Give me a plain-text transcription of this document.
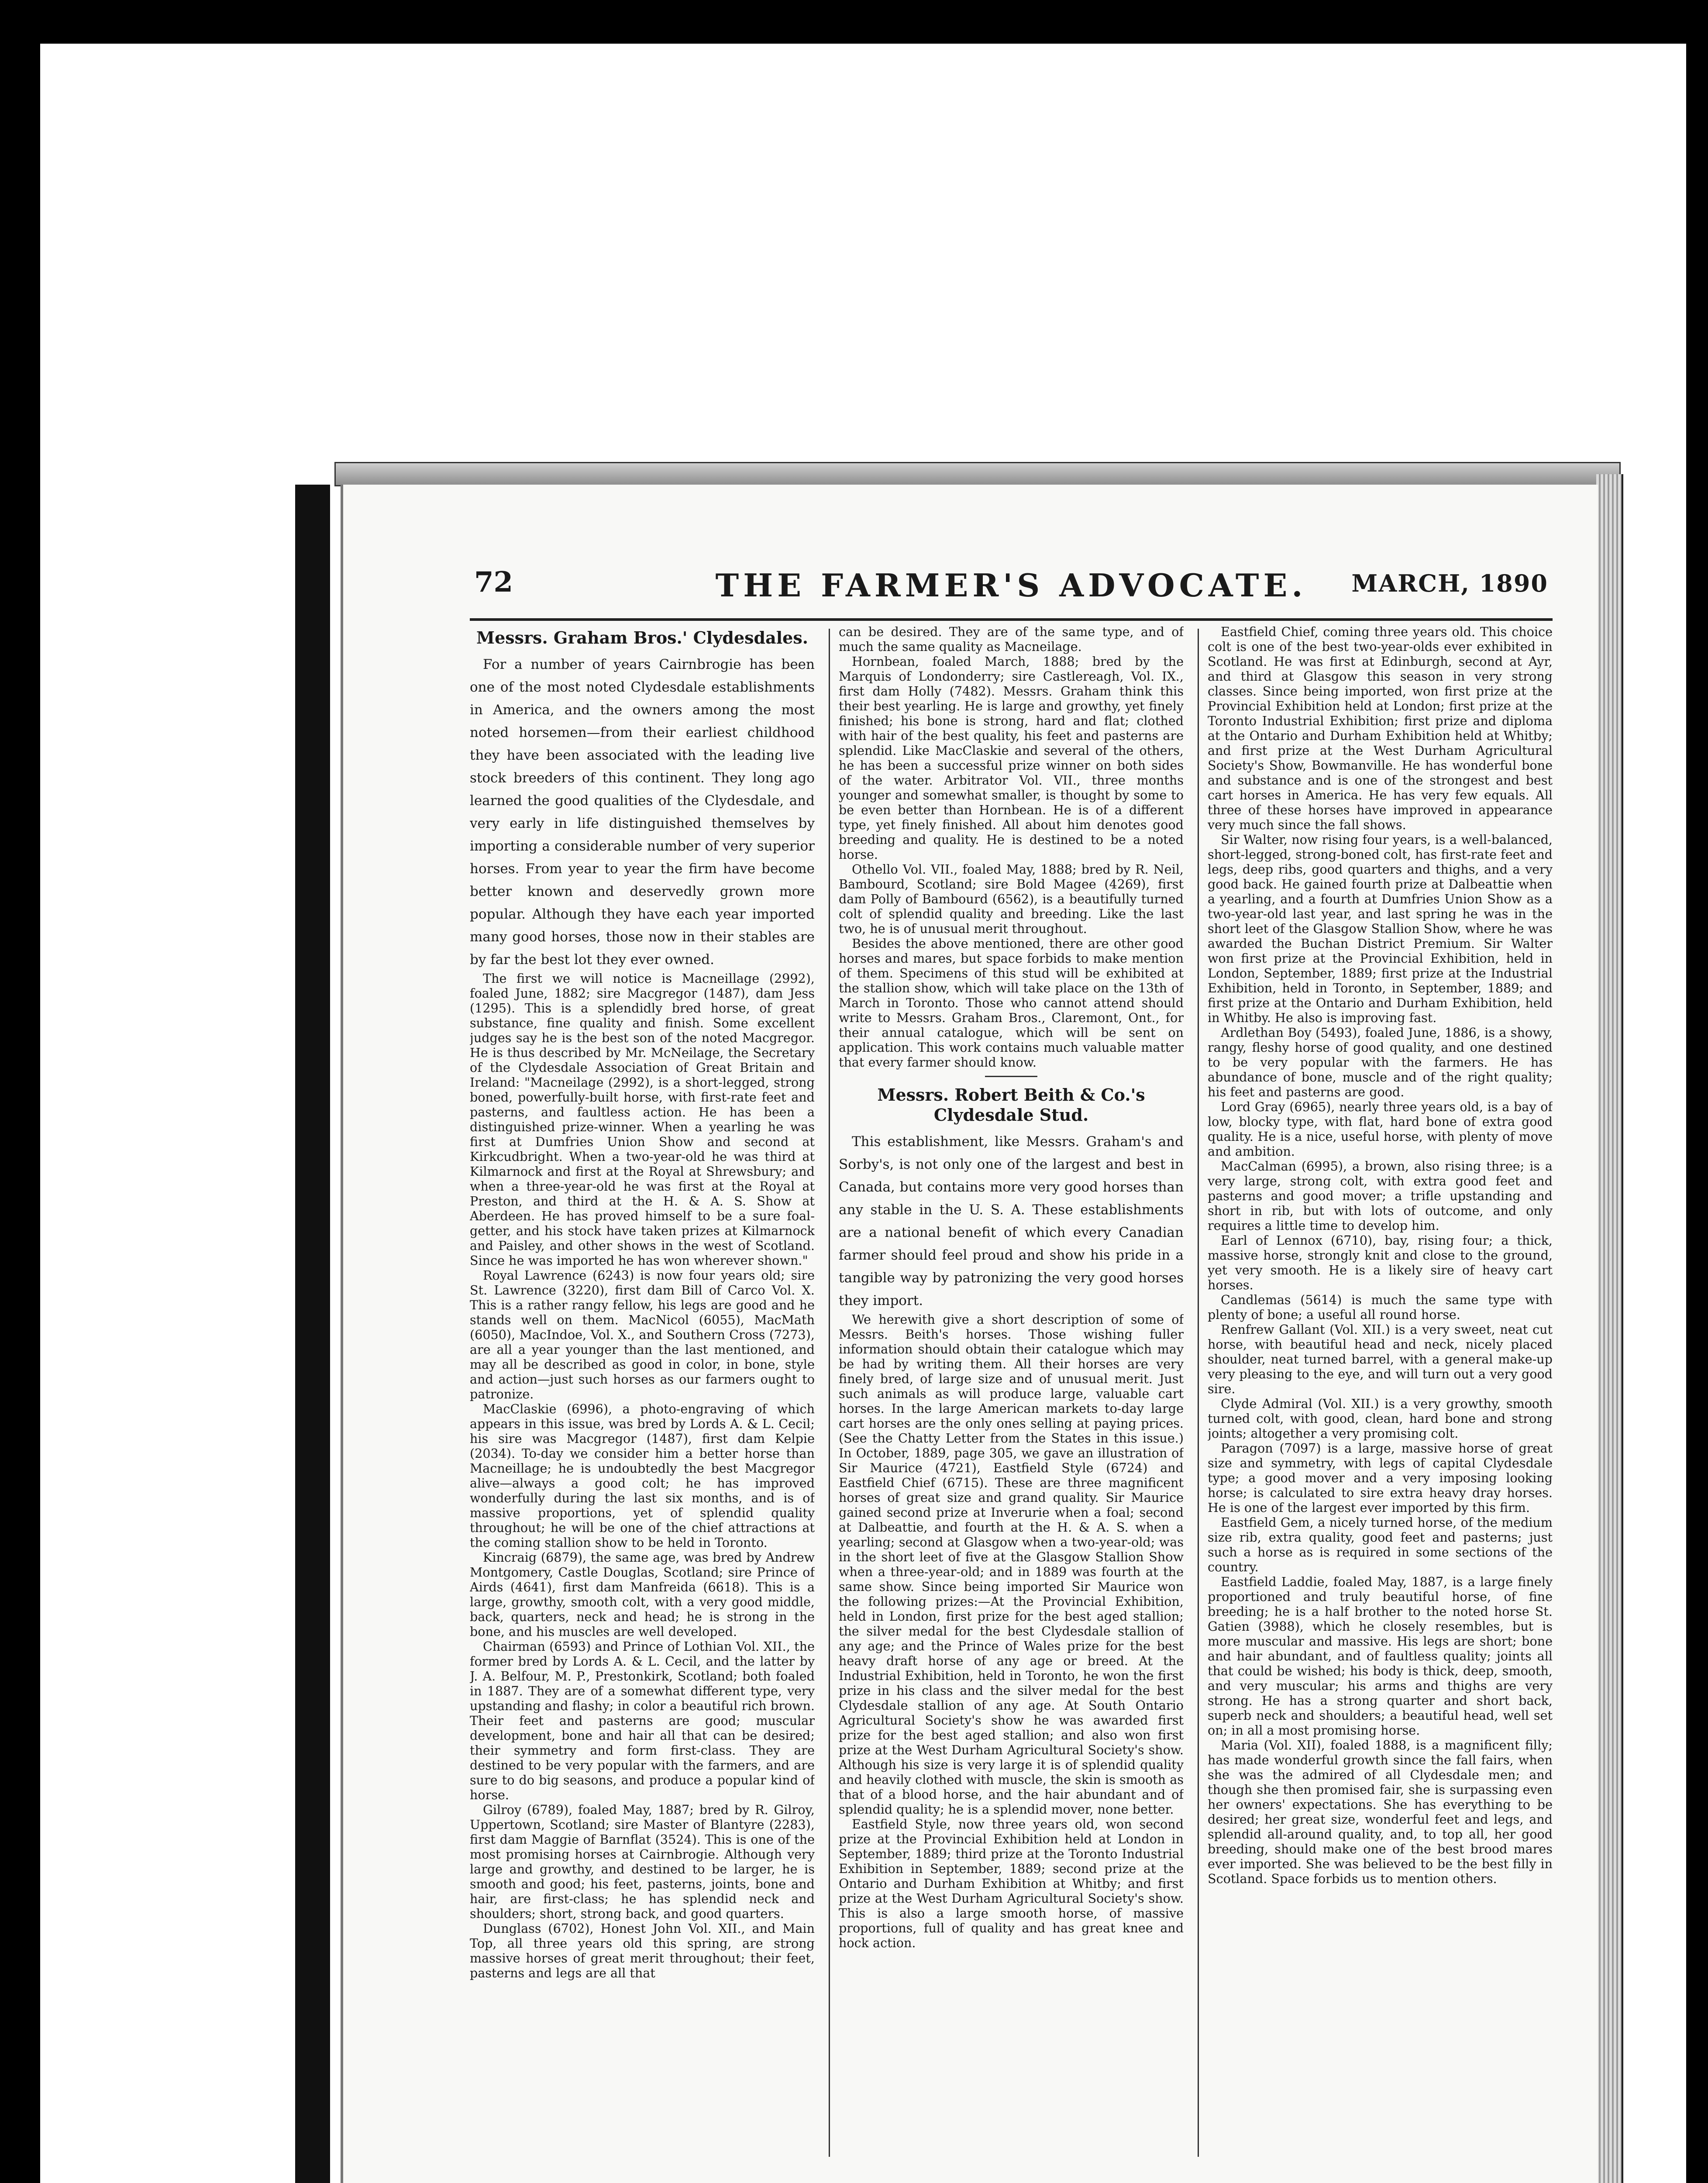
72	THE FARMER'S ADVOCATE.	MARCH, 1890
Messrs. Graham Bros.' Clydesdales.

For a number of years Cairnbrogie has been one of the most noted Clydesdale establishments in America, and the owners among the most noted horsemen—from their earliest childhood they have been associated with the leading live stock breeders of this continent. They long ago learned the good qualities of the Clydesdale, and very early in life distinguished themselves by importing a considerable number of very superior horses. From year to year the firm have become better known and deservedly grown more popular. Although they have each year imported many good horses, those now in their stables are by far the best lot they ever owned.

The first we will notice is Macneillage (2992), foaled June, 1882; sire Macgregor (1487), dam Jess (1295). This is a splendidly bred horse, of great substance, fine quality and finish. Some excellent judges say he is the best son of the noted Macgregor. He is thus described by Mr. McNeilage, the Secretary of the Clydesdale Association of Great Britain and Ireland: "Macneilage (2992), is a short-legged, strong boned, powerfully-built horse, with first-rate feet and pasterns, and faultless action. He has been a distinguished prize-winner. When a yearling he was first at Dumfries Union Show and second at Kirkcudbright. When a two-year-old he was third at Kilmarnock and first at the Royal at Shrewsbury; and when a three-year-old he was first at the Royal at Preston, and third at the H. & A. S. Show at Aberdeen. He has proved himself to be a sure foal-getter, and his stock have taken prizes at Kilmarnock and Paisley, and other shows in the west of Scotland. Since he was imported he has won wherever shown."

Royal Lawrence (6243) is now four years old; sire St. Lawrence (3220), first dam Bill of Carco Vol. X. This is a rather rangy fellow, his legs are good and he stands well on them. MacNicol (6055), MacMath (6050), MacIndoe, Vol. X., and Southern Cross (7273), are all a year younger than the last mentioned, and may all be described as good in color, in bone, style and action—just such horses as our farmers ought to patronize.

MacClaskie (6996), a photo-engraving of which appears in this issue, was bred by Lords A. & L. Cecil; his sire was Macgregor (1487), first dam Kelpie (2034). To-day we consider him a better horse than Macneillage; he is undoubtedly the best Macgregor alive—always a good colt; he has improved wonderfully during the last six months, and is of massive proportions, yet of splendid quality throughout; he will be one of the chief attractions at the coming stallion show to be held in Toronto.

Kincraig (6879), the same age, was bred by Andrew Montgomery, Castle Douglas, Scotland; sire Prince of Airds (4641), first dam Manfreida (6618). This is a large, growthy, smooth colt, with a very good middle, back, quarters, neck and head; he is strong in the bone, and his muscles are well developed.

Chairman (6593) and Prince of Lothian Vol. XII., the former bred by Lords A. & L. Cecil, and the latter by J. A. Belfour, M. P., Prestonkirk, Scotland; both foaled in 1887. They are of a somewhat different type, very upstanding and flashy; in color a beautiful rich brown. Their feet and pasterns are good; muscular development, bone and hair all that can be desired; their symmetry and form first-class. They are destined to be very popular with the farmers, and are sure to do big seasons, and produce a popular kind of horse.

Gilroy (6789), foaled May, 1887; bred by R. Gilroy, Uppertown, Scotland; sire Master of Blantyre (2283), first dam Maggie of Barnflat (3524). This is one of the most promising horses at Cairnbrogie. Although very large and growthy, and destined to be larger, he is smooth and good; his feet, pasterns, joints, bone and hair, are first-class; he has splendid neck and shoulders; short, strong back, and good quarters.

Dunglass (6702), Honest John Vol. XII., and Main Top, all three years old this spring, are strong massive horses of great merit throughout; their feet, pasterns and legs are all that

can be desired. They are of the same type, and of much the same quality as Macneilage.

Hornbean, foaled March, 1888; bred by the Marquis of Londonderry; sire Castlereagh, Vol. IX., first dam Holly (7482). Messrs. Graham think this their best yearling. He is large and growthy, yet finely finished; his bone is strong, hard and flat; clothed with hair of the best quality, his feet and pasterns are splendid. Like MacClaskie and several of the others, he has been a successful prize winner on both sides of the water. Arbitrator Vol. VII., three months younger and somewhat smaller, is thought by some to be even better than Hornbean. He is of a different type, yet finely finished. All about him denotes good breeding and quality. He is destined to be a noted horse.

Othello Vol. VII., foaled May, 1888; bred by R. Neil, Bambourd, Scotland; sire Bold Magee (4269), first dam Polly of Bambourd (6562), is a beautifully turned colt of splendid quality and breeding. Like the last two, he is of unusual merit throughout.

Besides the above mentioned, there are other good horses and mares, but space forbids to make mention of them. Specimens of this stud will be exhibited at the stallion show, which will take place on the 13th of March in Toronto. Those who cannot attend should write to Messrs. Graham Bros., Claremont, Ont., for their annual catalogue, which will be sent on application. This work contains much valuable matter that every farmer should know.

Messrs. Robert Beith & Co.'s Clydesdale Stud.

This establishment, like Messrs. Graham's and Sorby's, is not only one of the largest and best in Canada, but contains more very good horses than any stable in the U. S. A. These establishments are a national benefit of which every Canadian farmer should feel proud and show his pride in a tangible way by patronizing the very good horses they import.

We herewith give a short description of some of Messrs. Beith's horses. Those wishing fuller information should obtain their catalogue which may be had by writing them. All their horses are very finely bred, of large size and of unusual merit. Just such animals as will produce large, valuable cart horses. In the large American markets to-day large cart horses are the only ones selling at paying prices. (See the Chatty Letter from the States in this issue.) In October, 1889, page 305, we gave an illustration of Sir Maurice (4721), Eastfield Style (6724) and Eastfield Chief (6715). These are three magnificent horses of great size and grand quality. Sir Maurice gained second prize at Inverurie when a foal; second at Dalbeattie, and fourth at the H. & A. S. when a yearling; second at Glasgow when a two-year-old; was in the short leet of five at the Glasgow Stallion Show when a three-year-old; and in 1889 was fourth at the same show. Since being imported Sir Maurice won the following prizes:—At the Provincial Exhibition, held in London, first prize for the best aged stallion; the silver medal for the best Clydesdale stallion of any age; and the Prince of Wales prize for the best heavy draft horse of any age or breed. At the Industrial Exhibition, held in Toronto, he won the first prize in his class and the silver medal for the best Clydesdale stallion of any age. At South Ontario Agricultural Society's show he was awarded first prize for the best aged stallion; and also won first prize at the West Durham Agricultural Society's show. Although his size is very large it is of splendid quality and heavily clothed with muscle, the skin is smooth as that of a blood horse, and the hair abundant and of splendid quality; he is a splendid mover, none better.

Eastfield Style, now three years old, won second prize at the Provincial Exhibition held at London in September, 1889; third prize at the Toronto Industrial Exhibition in September, 1889; second prize at the Ontario and Durham Exhibition at Whitby; and first prize at the West Durham Agricultural Society's show. This is also a large smooth horse, of massive proportions, full of quality and has great knee and hock action.

Eastfield Chief, coming three years old. This choice colt is one of the best two-year-olds ever exhibited in Scotland. He was first at Edinburgh, second at Ayr, and third at Glasgow this season in very strong classes. Since being imported, won first prize at the Provincial Exhibition held at London; first prize at the Toronto Industrial Exhibition; first prize and diploma at the Ontario and Durham Exhibition held at Whitby; and first prize at the West Durham Agricultural Society's Show, Bowmanville. He has wonderful bone and substance and is one of the strongest and best cart horses in America. He has very few equals. All three of these horses have improved in appearance very much since the fall shows.

Sir Walter, now rising four years, is a well-balanced, short-legged, strong-boned colt, has first-rate feet and legs, deep ribs, good quarters and thighs, and a very good back. He gained fourth prize at Dalbeattie when a yearling, and a fourth at Dumfries Union Show as a two-year-old last year, and last spring he was in the short leet of the Glasgow Stallion Show, where he was awarded the Buchan District Premium. Sir Walter won first prize at the Provincial Exhibition, held in London, September, 1889; first prize at the Industrial Exhibition, held in Toronto, in September, 1889; and first prize at the Ontario and Durham Exhibition, held in Whitby. He also is improving fast.

Ardlethan Boy (5493), foaled June, 1886, is a showy, rangy, fleshy horse of good quality, and one destined to be very popular with the farmers. He has abundance of bone, muscle and of the right quality; his feet and pasterns are good.

Lord Gray (6965), nearly three years old, is a bay of low, blocky type, with flat, hard bone of extra good quality. He is a nice, useful horse, with plenty of move and ambition.

MacCalman (6995), a brown, also rising three; is a very large, strong colt, with extra good feet and pasterns and good mover; a trifle upstanding and short in rib, but with lots of outcome, and only requires a little time to develop him.

Earl of Lennox (6710), bay, rising four; a thick, massive horse, strongly knit and close to the ground, yet very smooth. He is a likely sire of heavy cart horses.

Candlemas (5614) is much the same type with plenty of bone; a useful all round horse.

Renfrew Gallant (Vol. XII.) is a very sweet, neat cut horse, with beautiful head and neck, nicely placed shoulder, neat turned barrel, with a general make-up very pleasing to the eye, and will turn out a very good sire.

Clyde Admiral (Vol. XII.) is a very growthy, smooth turned colt, with good, clean, hard bone and strong joints; altogether a very promising colt.

Paragon (7097) is a large, massive horse of great size and symmetry, with legs of capital Clydesdale type; a good mover and a very imposing looking horse; is calculated to sire extra heavy dray horses. He is one of the largest ever imported by this firm.

Eastfield Gem, a nicely turned horse, of the medium size rib, extra quality, good feet and pasterns; just such a horse as is required in some sections of the country.

Eastfield Laddie, foaled May, 1887, is a large finely proportioned and truly beautiful horse, of fine breeding; he is a half brother to the noted horse St. Gatien (3988), which he closely resembles, but is more muscular and massive. His legs are short; bone and hair abundant, and of faultless quality; joints all that could be wished; his body is thick, deep, smooth, and very muscular; his arms and thighs are very strong. He has a strong quarter and short back, superb neck and shoulders; a beautiful head, well set on; in all a most promising horse.

Maria (Vol. XII), foaled 1888, is a magnificent filly; has made wonderful growth since the fall fairs, when she was the admired of all Clydesdale men; and though she then promised fair, she is surpassing even her owners' expectations. She has everything to be desired; her great size, wonderful feet and legs, and splendid all-around quality, and, to top all, her good breeding, should make one of the best brood mares ever imported. She was believed to be the best filly in Scotland. Space forbids us to mention others.
